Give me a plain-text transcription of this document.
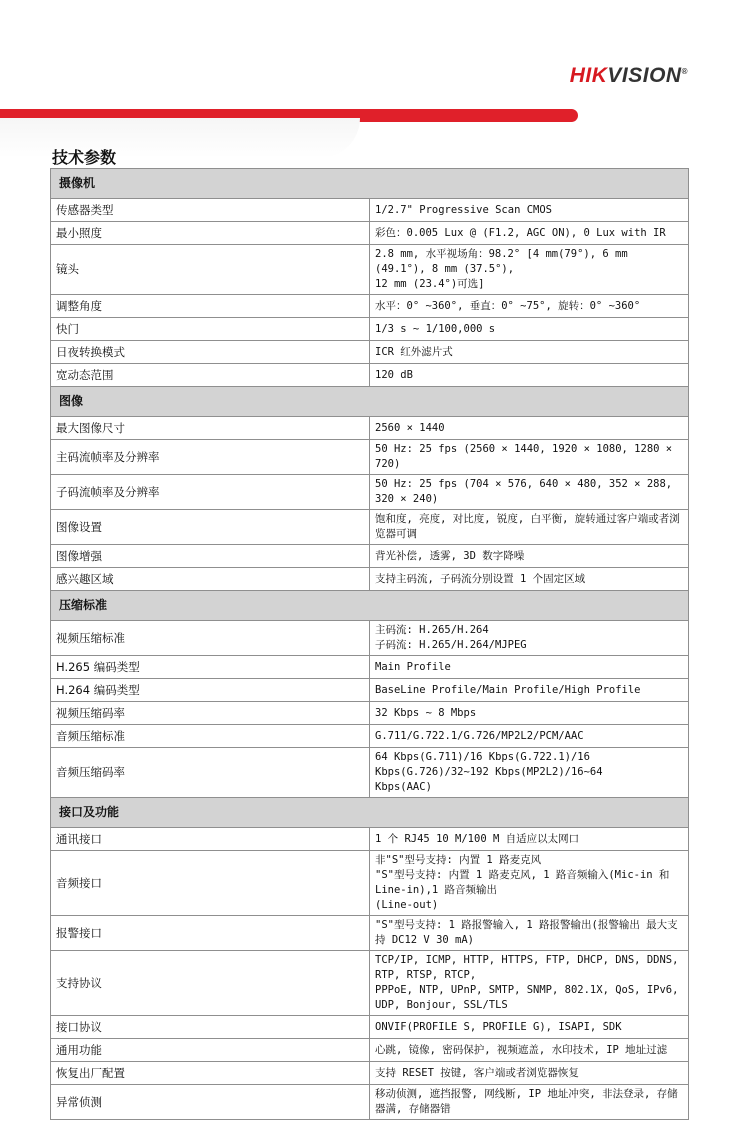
HIKVISION®
技术参数
摄像机	
传感器类型	1/2.7" Progressive Scan CMOS

最小照度	彩色：0.005 Lux @ (F1.2, AGC ON), 0 Lux with IR

镜头	2.8 mm, 水平视场角：98.2° [4 mm(79°), 6 mm (49.1°), 8 mm (37.5°),
12 mm (23.4°)可选]

调整角度	水平：0° ~360°, 垂直：0° ~75°, 旋转：0° ~360°

快门	1/3 s ~ 1/100,000 s

日夜转换模式	ICR 红外滤片式

宽动态范围	120 dB

图像	
最大图像尺寸	2560 × 1440

主码流帧率及分辨率	50 Hz: 25 fps (2560 × 1440, 1920 × 1080, 1280 × 720)

子码流帧率及分辨率	50 Hz: 25 fps (704 × 576, 640 × 480, 352 × 288, 320 × 240)

图像设置	饱和度, 亮度, 对比度, 锐度, 白平衡, 旋转通过客户端或者浏览器可调

图像增强	背光补偿, 透雾, 3D 数字降噪

感兴趣区域	支持主码流, 子码流分别设置 1 个固定区域

压缩标准	
视频压缩标准	主码流: H.265/H.264
子码流: H.265/H.264/MJPEG

H.265 编码类型	Main Profile

H.264 编码类型	BaseLine Profile/Main Profile/High Profile

视频压缩码率	32 Kbps ~ 8 Mbps

音频压缩标准	G.711/G.722.1/G.726/MP2L2/PCM/AAC

音频压缩码率	64 Kbps(G.711)/16 Kbps(G.722.1)/16 Kbps(G.726)/32~192 Kbps(MP2L2)/16~64
Kbps(AAC)

接口及功能	
通讯接口	1 个 RJ45 10 M/100 M 自适应以太网口

音频接口	非"S"型号支持: 内置 1 路麦克风
"S"型号支持: 内置 1 路麦克风, 1 路音频输入(Mic-in 和 Line-in),1 路音频输出
(Line-out)

报警接口	"S"型号支持: 1 路报警输入, 1 路报警输出(报警输出 最大支持 DC12 V 30 mA)

支持协议	TCP/IP, ICMP, HTTP, HTTPS, FTP, DHCP, DNS, DDNS, RTP, RTSP, RTCP,
PPPoE, NTP, UPnP, SMTP, SNMP, 802.1X, QoS, IPv6, UDP, Bonjour, SSL/TLS

接口协议	ONVIF(PROFILE S, PROFILE G), ISAPI, SDK

通用功能	心跳, 镜像, 密码保护, 视频遮盖, 水印技术, IP 地址过滤

恢复出厂配置	支持 RESET 按键, 客户端或者浏览器恢复

异常侦测	移动侦测, 遮挡报警, 网线断, IP 地址冲突, 非法登录, 存储器满, 存储器错
